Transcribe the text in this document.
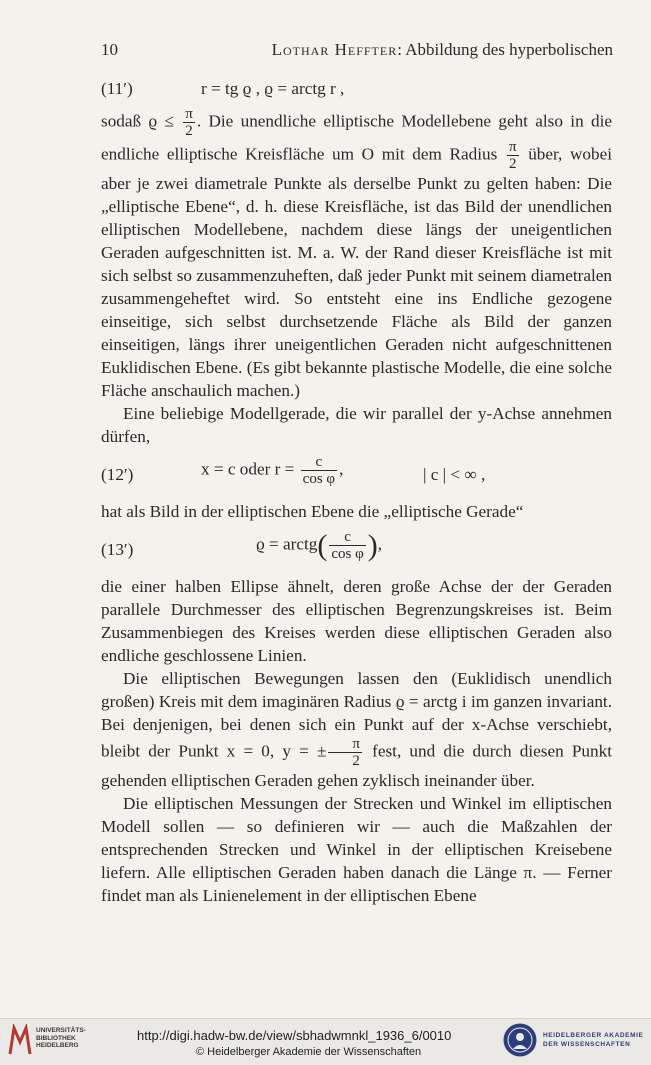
10	Lothar Heffter: Abbildung des hyperbolischen
(11′)	r = tg ϱ , ϱ = arctg r ,

sodaß $ϱ \le \frac{\pi}{2}$ . Die unendliche elliptische Modellebene geht also in die endliche elliptische Kreisfläche um O mit dem Radius $\frac{\pi}{2}$ über, wobei aber je zwei diametrale Punkte als derselbe Punkt zu gelten haben: Die „elliptische Ebene“, d. h. diese Kreisfläche, ist das Bild der unendlichen elliptischen Modellebene, nachdem diese längs der uneigentlichen Geraden aufgeschnitten ist. M. a. W. der Rand dieser Kreisfläche ist mit sich selbst so zusammenzuheften, daß jeder Punkt mit seinem diametralen zusammengeheftet wird. So entsteht eine ins Endliche gezogene einseitige, sich selbst durchsetzende Fläche als Bild der ganzen einseitigen, längs ihrer uneigentlichen Geraden nicht aufgeschnittenen Euklidischen Ebene. (Es gibt bekannte plastische Modelle, die eine solche Fläche anschaulich machen.)

Eine beliebige Modellgerade, die wir parallel der y-Achse annehmen dürfen,

(12′)	x = c oder $r = \frac{c}{\text{cos φ}}$ ,	| c | < ∞ ,

hat als Bild in der elliptischen Ebene die „elliptische Gerade“

(13′)	ϱ = arctg( $\frac{c}{\text{cos φ}}$ ),

die einer halben Ellipse ähnelt, deren große Achse der der Geraden parallele Durchmesser des elliptischen Begrenzungskreises ist. Beim Zusammenbiegen des Kreises werden diese elliptischen Geraden also endliche geschlossene Linien.

Die elliptischen Bewegungen lassen den (Euklidisch unendlich großen) Kreis mit dem imaginären Radius ϱ = arctg i im ganzen invariant. Bei denjenigen, bei denen sich ein Punkt auf der x-Achse verschiebt, bleibt der Punkt x = 0, y = ± $\frac{\pi}{2}$ fest, und die durch diesen Punkt gehenden elliptischen Geraden gehen zyklisch ineinander über.

Die elliptischen Messungen der Strecken und Winkel im elliptischen Modell sollen — so definieren wir — auch die Maßzahlen der entsprechenden Strecken und Winkel in der elliptischen Kreisebene liefern. Alle elliptischen Geraden haben danach die Länge π. — Ferner findet man als Linienelement in der elliptischen Ebene

UNIVERSITÄTS-
BIBLIOTHEK
HEIDELBERG
http://digi.hadw-bw.de/view/sbhadwmnkl_1936_6/0010
© Heidelberger Akademie der Wissenschaften
HEIDELBERGER AKADEMIE
DER WISSENSCHAFTEN
